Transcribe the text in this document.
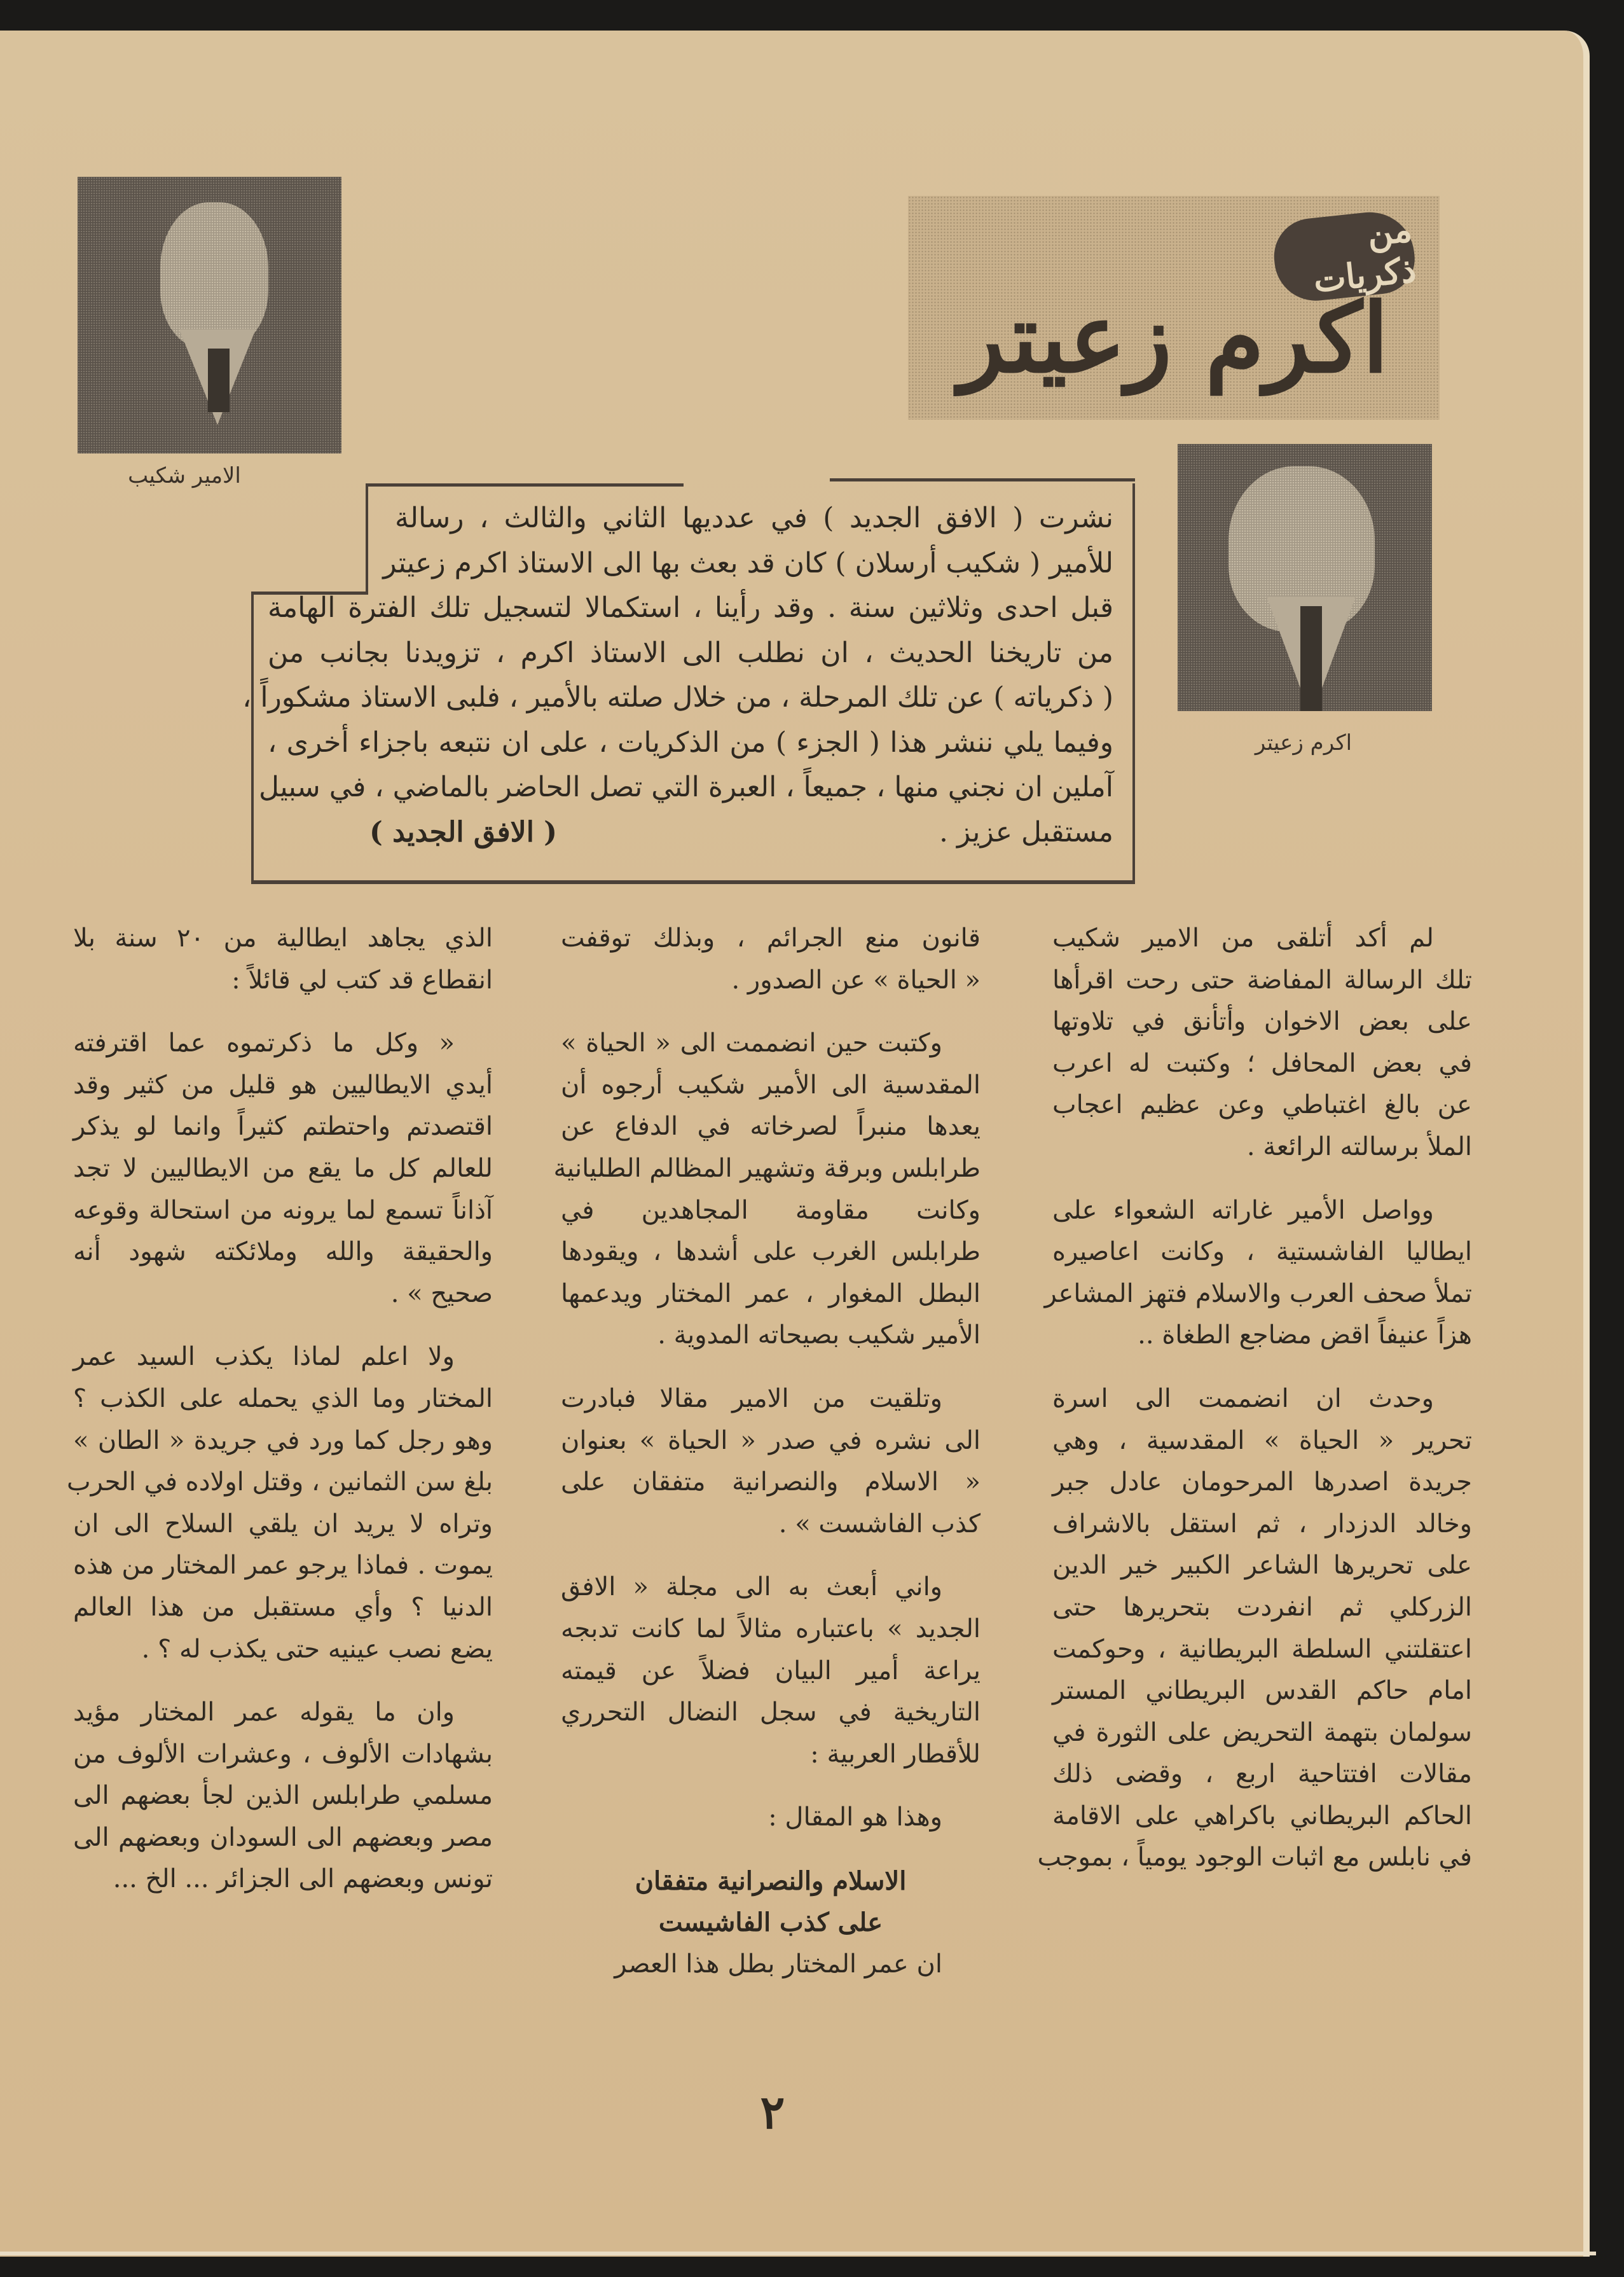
من ذكريات
اكرم زعيتر
الامير شكيب
اكرم زعيتر
نشرت ( الافق الجديد ) في عدديها الثاني والثالث ، رسالة
للأمير ( شكيب أرسلان ) كان قد بعث بها الى الاستاذ اكرم زعيتر
قبل احدى وثلاثين سنة . وقد رأينا ، استكمالا لتسجيل تلك الفترة الهامة
من تاريخنا الحديث ، ان نطلب الى الاستاذ اكرم ، تزويدنا بجانب من
( ذكرياته ) عن تلك المرحلة ، من خلال صلته بالأمير ، فلبى الاستاذ مشكوراً ،
وفيما يلي ننشر هذا ( الجزء ) من الذكريات ، على ان نتبعه باجزاء أخرى ،
آملين ان نجني منها ، جميعاً ، العبرة التي تصل الحاضر بالماضي ، في سبيل
مستقبل عزيز .
( الافق الجديد )
لم أكد أتلقى من الامير شكيب
تلك الرسالة المفاضة حتى رحت اقرأها
على بعض الاخوان وأتأنق في تلاوتها
في بعض المحافل ؛ وكتبت له اعرب
عن بالغ اغتباطي وعن عظيم اعجاب
الملأ برسالته الرائعة .
وواصل الأمير غاراته الشعواء على
ايطاليا الفاشستية ، وكانت اعاصيره
تملأ صحف العرب والاسلام فتهز المشاعر
هزاً عنيفاً اقض مضاجع الطغاة ..
وحدث ان انضممت الى اسرة
تحرير « الحياة » المقدسية ، وهي
جريدة اصدرها المرحومان عادل جبر
وخالد الدزدار ، ثم استقل بالاشراف
على تحريرها الشاعر الكبير خير الدين
الزركلي ثم انفردت بتحريرها حتى
اعتقلتني السلطة البريطانية ، وحوكمت
امام حاكم القدس البريطاني المستر
سولمان بتهمة التحريض على الثورة في
مقالات افتتاحية اربع ، وقضى ذلك
الحاكم البريطاني باكراهي على الاقامة
في نابلس مع اثبات الوجود يومياً ، بموجب
قانون منع الجرائم ، وبذلك توقفت
« الحياة » عن الصدور .
وكتبت حين انضممت الى « الحياة »
المقدسية الى الأمير شكيب أرجوه أن
يعدها منبراً لصرخاته في الدفاع عن
طرابلس وبرقة وتشهير المظالم الطليانية
وكانت مقاومة المجاهدين في
طرابلس الغرب على أشدها ، ويقودها
البطل المغوار ، عمر المختار ويدعمها
الأمير شكيب بصيحاته المدوية .
وتلقيت من الامير مقالا فبادرت
الى نشره في صدر « الحياة » بعنوان
« الاسلام والنصرانية متفقان على
كذب الفاشست » .
واني أبعث به الى مجلة « الافق
الجديد » باعتباره مثالاً لما كانت تدبجه
يراعة أمير البيان فضلاً عن قيمته
التاريخية في سجل النضال التحرري
للأقطار العربية :
وهذا هو المقال :
الاسلام والنصرانية متفقان
على كذب الفاشيست
ان عمر المختار بطل هذا العصر
الذي يجاهد ايطالية من ٢٠ سنة بلا
انقطاع قد كتب لي قائلاً :
« وكل ما ذكرتموه عما اقترفته
أيدي الايطاليين هو قليل من كثير وقد
اقتصدتم واحتطتم كثيراً وانما لو يذكر
للعالم كل ما يقع من الايطاليين لا تجد
آذاناً تسمع لما يرونه من استحالة وقوعه
والحقيقة والله وملائكته شهود أنه
صحيح » .
ولا اعلم لماذا يكذب السيد عمر
المختار وما الذي يحمله على الكذب ؟
وهو رجل كما ورد في جريدة « الطان »
بلغ سن الثمانين ، وقتل اولاده في الحرب
وتراه لا يريد ان يلقي السلاح الى ان
يموت . فماذا يرجو عمر المختار من هذه
الدنيا ؟ وأي مستقبل من هذا العالم
يضع نصب عينيه حتى يكذب له ؟ .
وان ما يقوله عمر المختار مؤيد
بشهادات الألوف ، وعشرات الألوف من
مسلمي طرابلس الذين لجأ بعضهم الى
مصر وبعضهم الى السودان وبعضهم الى
تونس وبعضهم الى الجزائر ... الخ ...
٢
